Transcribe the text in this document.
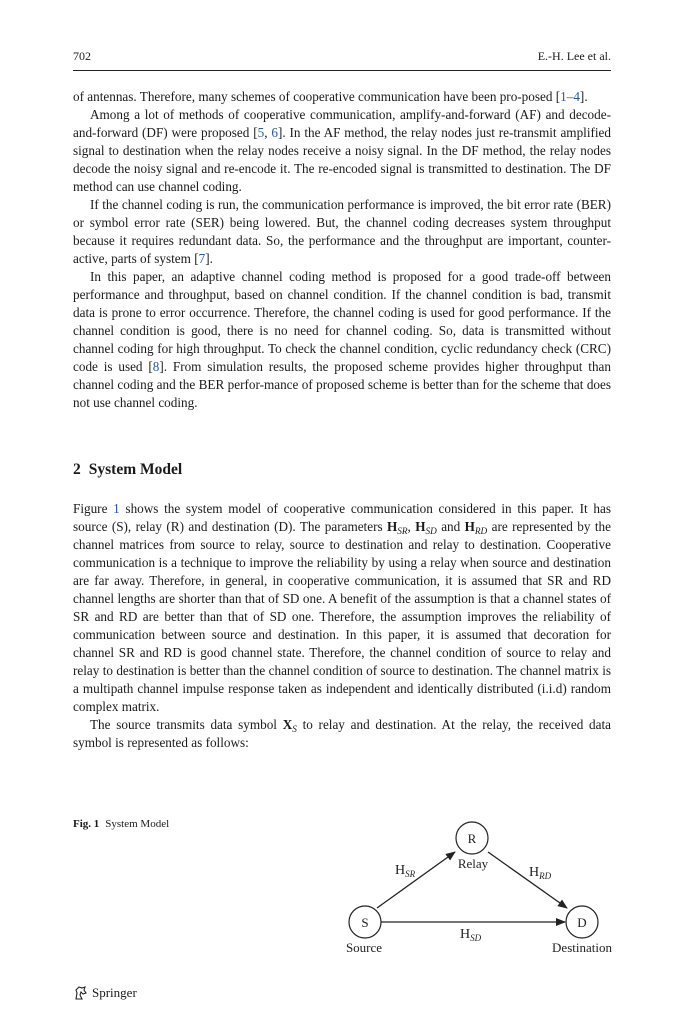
702	E.-H. Lee et al.

of antennas. Therefore, many schemes of cooperative communication have been pro-posed [1–4].

Among a lot of methods of cooperative communication, amplify-and-forward (AF) and decode-and-forward (DF) were proposed [5, 6]. In the AF method, the relay nodes just re-transmit amplified signal to destination when the relay nodes receive a noisy signal. In the DF method, the relay nodes decode the noisy signal and re-encode it. The re-encoded signal is transmitted to destination. The DF method can use channel coding.

If the channel coding is run, the communication performance is improved, the bit error rate (BER) or symbol error rate (SER) being lowered. But, the channel coding decreases system throughput because it requires redundant data. So, the performance and the throughput are important, counter-active, parts of system [7].

In this paper, an adaptive channel coding method is proposed for a good trade-off between performance and throughput, based on channel condition. If the channel condition is bad, transmit data is prone to error occurrence. Therefore, the channel coding is used for good performance. If the channel condition is good, there is no need for channel coding. So, data is transmitted without channel coding for high throughput. To check the channel condition, cyclic redundancy check (CRC) code is used [8]. From simulation results, the proposed scheme provides higher throughput than channel coding and the BER perfor-mance of proposed scheme is better than for the scheme that does not use channel coding.

2 System Model

Figure 1 shows the system model of cooperative communication considered in this paper. It has source (S), relay (R) and destination (D). The parameters $H_{SR}$, $H_{SD}$ and $H_{RD}$ are represented by the channel matrices from source to relay, source to destination and relay to destination. Cooperative communication is a technique to improve the reliability by using a relay when source and destination are far away. Therefore, in general, in cooperative communication, it is assumed that SR and RD channel lengths are shorter than that of SD one. A benefit of the assumption is that a channel states of SR and RD are better than that of SD one. Therefore, the assumption improves the reliability of communication between source and destination. In this paper, it is assumed that decoration for channel SR and RD is good channel state. Therefore, the channel condition of source to relay and relay to destination is better than the channel condition of source to destination. The channel matrix is a multipath channel impulse response taken as independent and identically distributed (i.i.d) random complex matrix.

The source transmits data symbol $X_S$ to relay and destination. At the relay, the received data symbol is represented as follows:

Fig. 1 System Model
R
Relay
S
Source
D
Destination
$H_{SR}$	$H_{RD}$
$H_{SD}$
Springer
